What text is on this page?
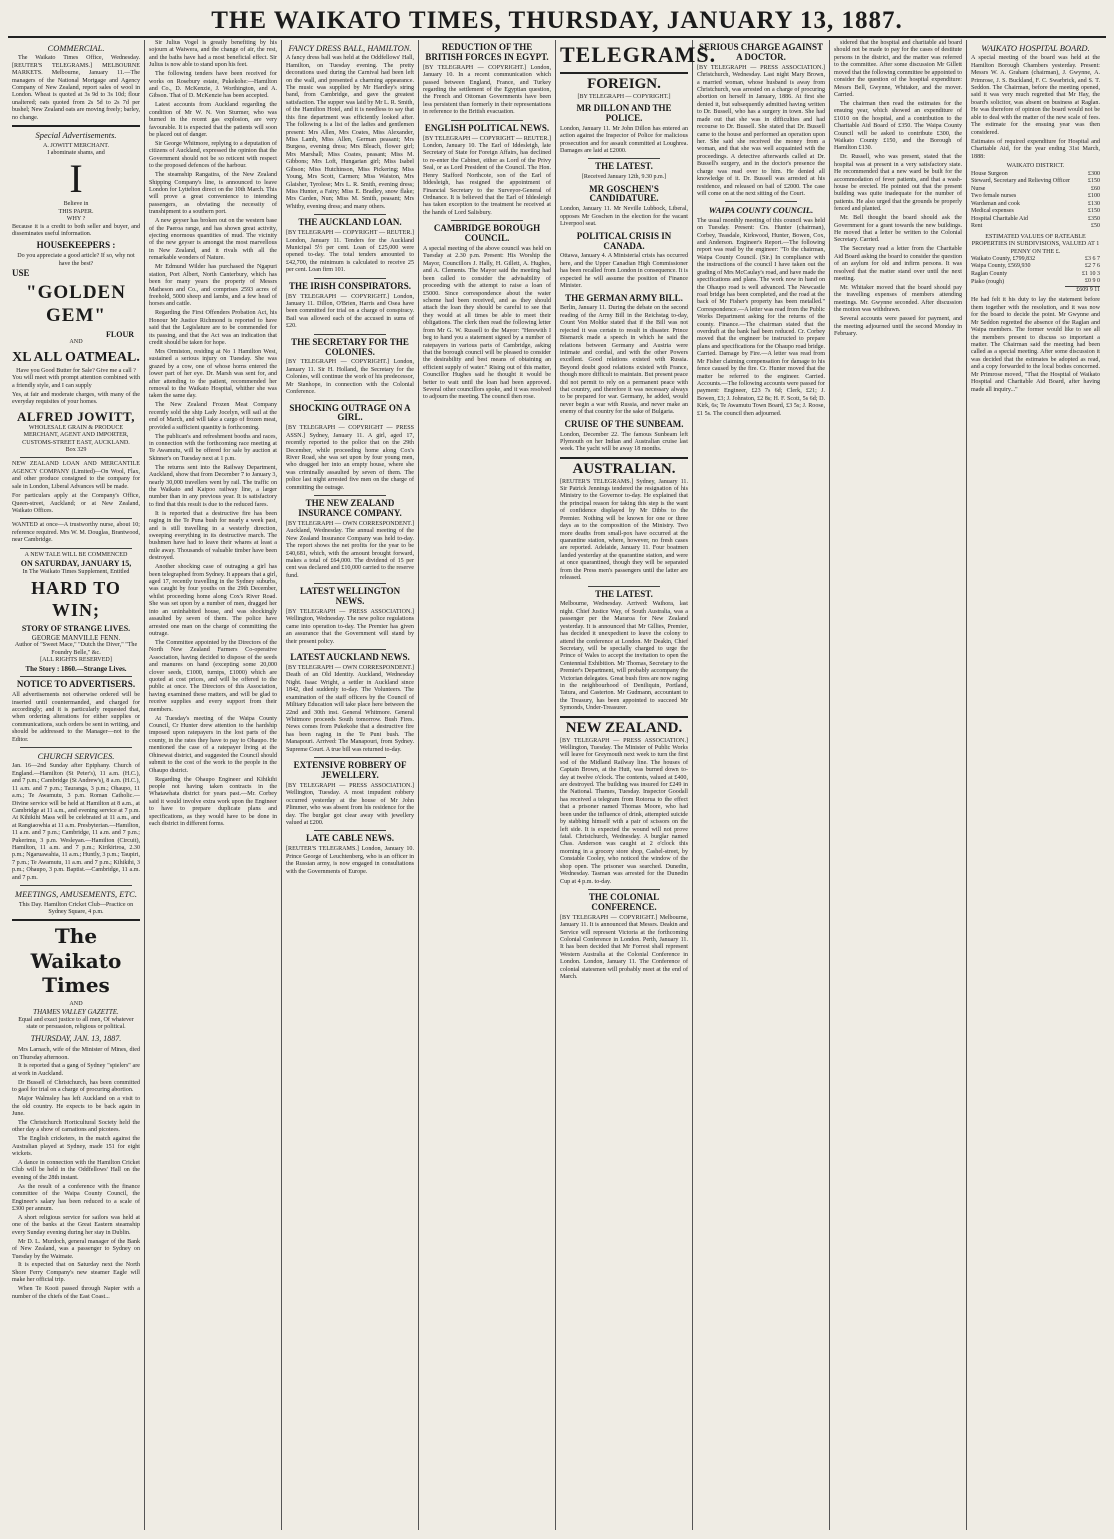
THE WAIKATO TIMES, THURSDAY, JANUARY 13, 1887.
COMMERCIAL.
The Waikato Times Office, Wednesday. [REUTER'S TELEGRAMS.] MELBOURNE MARKETS. Melbourne, January 11.—The managers of the National Mortgage and Agency Company of New Zealand, report sales of wool in London. Wheat is quoted at 3s 9d to 3s 10d; flour unaltered; oats quoted from 2s 5d to 2s 7d per bushel; New Zealand oats are moving freely; barley, no change.
Special Advertisements.
A. JOWITT MERCHANT.
I abominate shams, and
I
Believe in
THIS PAPER.
WHY ?
Because it is a credit to both seller and buyer, and disseminates useful information.
HOUSEKEEPERS :
Do you appreciate a good article? If so, why not have the best?
USE
"GOLDEN GEM"
FLOUR
AND
XL ALL OATMEAL.
Have you Good Butter for Sale? Give me a call ?
You will meet with prompt attention combined with a friendly style, and I can supply
Yes, at fair and moderate charges, with many of the everyday requisites of your homes.
ALFRED JOWITT,
WHOLESALE GRAIN & PRODUCE MERCHANT, AGENT AND IMPORTER, CUSTOMS-STREET EAST, AUCKLAND.
Box 329
NEW ZEALAND LOAN AND MERCANTILE AGENCY COMPANY (Limited)—On Wool, Flax, and other produce consigned to the company for sale in London, Liberal Advances will be made.
For particulars apply at the Company's Office, Queen-street, Auckland; or at New Zealand, Waikato Offices.
WANTED at once—A trustworthy nurse, about 10; reference required. Mrs W. M. Douglas, Brantwood, near Cambridge.
A NEW TALE WILL BE COMMENCED
ON SATURDAY, JANUARY 15,
In The Waikato Times Supplement, Entitled
HARD TO WIN;
STORY OF STRANGE LIVES.
GEORGE MANVILLE FENN.
Author of "Sweet Mace," "Dutch the Diver," "The Foundry Belle," &c.
[ALL RIGHTS RESERVED]
The Story : 1860.—Strange Lives.
NOTICE TO ADVERTISERS.
All advertisements not otherwise ordered will be inserted until countermanded, and charged for accordingly; and it is particularly requested that, when ordering alterations for either supplies or communications, such orders be sent in writing, and should be addressed to the Manager—not to the Editor.
CHURCH SERVICES.
Jan. 16—2nd Sunday after Epiphany. Church of England.—Hamilton (St Peter's), 11 a.m. (H.C.), and 7 p.m.; Cambridge (St Andrew's), 8 a.m. (H.C.), 11 a.m. and 7 p.m.; Tauranga, 3 p.m.; Ohaupo, 11 a.m.; Te Awamutu, 3 p.m. Roman Catholic.—Divine service will be held at Hamilton at 8 a.m., at Cambridge at 11 a.m., and evening service at 7 p.m. At Kihikihi Mass will be celebrated at 11 a.m., and at Rangiaowhia at 11 a.m. Presbyterian.—Hamilton, 11 a.m. and 7 p.m.; Cambridge, 11 a.m. and 7 p.m.; Pukerimu, 3 p.m. Wesleyan.—Hamilton (Circuit), Hamilton, 11 a.m. and 7 p.m.; Kirikiriroa, 2.30 p.m.; Ngaruawahia, 11 a.m.; Huntly, 3 p.m.; Taupiri, 7 p.m.; Te Awamutu, 11 a.m. and 7 p.m.; Kihikihi, 3 p.m.; Ohaupo, 3 p.m. Baptist.—Cambridge, 11 a.m. and 7 p.m.
MEETINGS, AMUSEMENTS, ETC.
This Day. Hamilton Cricket Club—Practice on Sydney Square, 4 p.m.
The Waikato Times
AND
THAMES VALLEY GAZETTE.
Equal and exact justice to all men, Of whatever state or persuasion, religious or political.
THURSDAY, JAN. 13, 1887.
Mrs Larnach, wife of the Minister of Mines, died on Thursday afternoon.
It is reported that a gang of Sydney "spielers" are at work in Auckland.
Dr Bussell of Christchurch, has been committed to gaol for trial on a charge of procuring abortion.
Major Walmsley has left Auckland on a visit to the old country. He expects to be back again in June.
The Christchurch Horticultural Society held the other day a show of carnations and picotees.
The English cricketers, in the match against the Australian played at Sydney, made 151 for eight wickets.
A dance in connection with the Hamilton Cricket Club will be held in the Oddfellows' Hall on the evening of the 28th instant.
As the result of a conference with the finance committee of the Waipa County Council, the Engineer's salary has been reduced to a scale of £300 per annum.
A short religious service for sailors was held at one of the banks at the Great Eastern steamship every Sunday evening during her stay in Dublin.
Mr D. L. Murdoch, general manager of the Bank of New Zealand, was a passenger to Sydney on Tuesday by the Waimate.
It is expected that on Saturday next the North Shore Ferry Company's new steamer Eagle will make her official trip.
When Te Kooti passed through Napier with a number of the chiefs of the East Coast...
Sir Julius Vogel is greatly benefiting by his sojourn at Waiwera, and the change of air, the rest, and the baths have had a most beneficial effect. Sir Julius is now able to stand upon his feet.
The following tenders have been received for works on Rosebury estate, Pukekohe:—Hamilton and Co., D. McKenzie, J. Worthington, and A. Gibson. That of D. McKenzie has been accepted.
Latest accounts from Auckland regarding the condition of Mr W. N. Von Sturmer, who was burned in the recent gas explosion, are very favourable. It is expected that the patients will soon be placed out of danger.
Sir George Whitmore, replying to a deputation of citizens of Auckland, expressed the opinion that the Government should not be so reticent with respect to the proposed defences of the harbour.
The steamship Rangatira, of the New Zealand Shipping Company's line, is announced to leave London for Lyttelton direct on the 10th March. This will prove a great convenience to intending passengers, as obviating the necessity of transhipment to a southern port.
A new geyser has broken out on the western base of the Paeroa range, and has shown great activity, ejecting enormous quantities of mud. The vicinity of the new geyser is amongst the most marvellous in New Zealand, and it rivals with all the remarkable wonders of Nature.
Mr Edmund Wilder has purchased the Ngapuri station, Port Albert, North Canterbury, which has been for many years the property of Messrs Matheson and Co., and comprises 2593 acres of freehold, 5000 sheep and lambs, and a few head of horses and cattle.
Regarding the First Offenders Probation Act, his Honour Mr Justice Richmond is reported to have said that the Legislature are to be commended for its passing, and that the Act was an indication that credit should be taken for hope.
Mrs Ormiston, residing at No 1 Hamilton West, sustained a serious injury on Tuesday. She was grazed by a cow, one of whose horns entered the lower part of her eye. Dr. Marsh was sent for, and after attending to the patient, recommended her removal to the Waikato Hospital, whither she was taken the same day.
The New Zealand Frozen Meat Company recently sold the ship Lady Jocelyn, will sail at the end of March, and will take a cargo of frozen meat, provided a sufficient quantity is forthcoming.
The publican's and refreshment booths and races, in connection with the forthcoming race meeting at Te Awamutu, will be offered for sale by auction at Skinner's on Tuesday next at 1 p.m.
The returns sent into the Railway Department, Auckland, show that from December 7 to January 3, nearly 30,000 travellers went by rail. The traffic on the Waikato and Kaipoo railway line, a larger number than in any previous year. It is satisfactory to find that this result is due to the reduced fares.
It is reported that a destructive fire has been raging in the Te Puna bush for nearly a week past, and is still travelling in a westerly direction, sweeping everything in its destructive march. The bushmen have had to leave their whares at least a mile away. Thousands of valuable timber have been destroyed.
Another shocking case of outraging a girl has been telegraphed from Sydney. It appears that a girl, aged 17, recently travelling in the Sydney suburbs, was caught by four youths on the 29th December, whilst proceeding home along Cox's River Road. She was set upon by a number of men, dragged her into an uninhabited house, and was shockingly assaulted by seven of them. The police have arrested one man on the charge of committing the outrage.
The Committee appointed by the Directors of the North New Zealand Farmers Co-operative Association, having decided to dispose of the seeds and manures on hand (excepting some 20,000 clover seeds, £1000, turnips, £1000) which are quoted at cost prices, and will be offered to the public at once. The Directors of this Association, having examined these matters, and will be glad to receive supplies and every support from their members.
At Tuesday's meeting of the Waipa County Council, Cr Hunter drew attention to the hardship imposed upon ratepayers in the lost parts of the county, in the rates they have to pay to Ohaupo. He mentioned the case of a ratepayer living at the Ohinewai district, and suggested the Council should submit to the cost of the work to the people in the Ohaupo district.
Regarding the Ohaupo Engineer and Kihikihi people not having taken contracts in the Whatawhata district for years past.—Mr. Corbey said it would involve extra work upon the Engineer to have to prepare duplicate plans and specifications, as they would have to be done in each district in different forms.
FANCY DRESS BALL, HAMILTON.
A fancy dress ball was held at the Oddfellows' Hall, Hamilton, on Tuesday evening. The pretty decorations used during the Carnival had been left on the wall, and presented a charming appearance. The music was supplied by Mr Hardley's string band, from Cambridge, and gave the greatest satisfaction. The supper was laid by Mr L. R. Smith, of the Hamilton Hotel, and it is needless to say that this fine department was efficiently looked after. The following is a list of the ladies and gentlemen present: Mrs Allen, Mrs Coates, Miss Alexander, Miss Lamb, Miss Allen, German peasant; Mrs Burgess, evening dress; Mrs Bleach, flower girl; Mrs Marshall; Miss Coates, peasant; Miss M. Gibbons; Mrs Loft, Hungarian girl; Miss Isabel Gibson; Miss Hutchinson, Miss Pickering; Miss Young, Mrs Scott, Carmen; Miss Waiston, Mrs Glaisher, Tyrolese; Mrs L. R. Smith, evening dress; Miss Hunter, a Fairy; Miss E. Bradley, snow flake; Mrs Carden, Nun; Miss M. Smith, peasant; Mrs Whitby, evening dress; and many others.
THE AUCKLAND LOAN.
[BY TELEGRAPH — COPYRIGHT — REUTER.] London, January 11. Tenders for the Auckland Municipal 5½ per cent. Loan of £25,000 were opened to-day. The total tenders amounted to £42,700, the minimum is calculated to receive 25 per cent. Loan firm 101.
THE IRISH CONSPIRATORS.
[BY TELEGRAPH — COPYRIGHT.] London, January 11. Dillon, O'Brien, Harris and Osea have been committed for trial on a charge of conspiracy. Bail was allowed each of the accused in sums of £20.
THE SECRETARY FOR THE COLONIES.
[BY TELEGRAPH — COPYRIGHT.] London, January 11. Sir H. Holland, the Secretary for the Colonies, will continue the work of his predecessor, Mr Stanhope, in connection with the Colonial Conference.
SHOCKING OUTRAGE ON A GIRL.
[BY TELEGRAPH — COPYRIGHT — PRESS ASSN.] Sydney, January 11. A girl, aged 17, recently reported to the police that on the 29th December, while proceeding home along Cox's River Road, she was set upon by four young men, who dragged her into an empty house, where she was criminally assaulted by seven of them. The police last night arrested five men on the charge of committing the outrage.
THE NEW ZEALAND INSURANCE COMPANY.
[BY TELEGRAPH — OWN CORRESPONDENT.] Auckland, Wednesday. The annual meeting of the New Zealand Insurance Company was held to-day. The report shows the net profits for the year to be £40,681, which, with the amount brought forward, makes a total of £64,000. The dividend of 15 per cent was declared and £10,000 carried to the reserve fund.
LATEST WELLINGTON NEWS.
[BY TELEGRAPH — PRESS ASSOCIATION.] Wellington, Wednesday. The new police regulations came into operation to-day. The Premier has given an assurance that the Government will stand by their present policy.
LATEST AUCKLAND NEWS.
[BY TELEGRAPH — OWN CORRESPONDENT.] Death of an Old Identity. Auckland, Wednesday Night. Isaac Wright, a settler in Auckland since 1842, died suddenly to-day. The Volunteers. The examination of the staff officers by the Council of Military Education will take place here between the 22nd and 30th inst. General Whitmore. General Whitmore proceeds South tomorrow. Bush Fires. News comes from Pukekohe that a destructive fire has been raging in the Te Puni bush. The Manapouri. Arrived: The Manapouri, from Sydney. Supreme Court. A true bill was returned to-day.
EXTENSIVE ROBBERY OF JEWELLERY.
[BY TELEGRAPH — PRESS ASSOCIATION.] Wellington, Tuesday. A most impudent robbery occurred yesterday at the house of Mr John Plimmer, who was absent from his residence for the day. The burglar got clear away with jewellery valued at £200.
LATE CABLE NEWS.
[REUTER'S TELEGRAMS.] London, January 10. Prince George of Leuchtenberg, who is an officer in the Russian army, is now engaged in consultations with the Governments of Europe.
REDUCTION OF THE BRITISH FORCES IN EGYPT.
[BY TELEGRAPH — COPYRIGHT.] London, January 10. In a recent communication which passed between England, France, and Turkey regarding the settlement of the Egyptian question, the French and Ottoman Governments have been less persistent than formerly in their representations in reference to the British evacuation.
ENGLISH POLITICAL NEWS.
[BY TELEGRAPH — COPYRIGHT — REUTER.] London, January 10. The Earl of Iddesleigh, late Secretary of State for Foreign Affairs, has declined to re-enter the Cabinet, either as Lord of the Privy Seal, or as Lord President of the Council. The Hon. Henry Stafford Northcote, son of the Earl of Iddesleigh, has resigned the appointment of Financial Secretary to the Surveyor-General of Ordnance. It is believed that the Earl of Iddesleigh has taken exception to the treatment he received at the hands of Lord Salisbury.
CAMBRIDGE BOROUGH COUNCIL.
A special meeting of the above council was held on Tuesday at 2.30 p.m. Present: His Worship the Mayor, Councillors J. Hally, H. Gillett, A. Hughes, and A. Clements. The Mayor said the meeting had been called to consider the advisability of proceeding with the attempt to raise a loan of £5000. Since correspondence about the water scheme had been received, and as they should attach the loan they should be careful to see that they would at all times be able to meet their obligations. The clerk then read the following letter from Mr G. W. Russell to the Mayor: "Herewith I beg to hand you a statement signed by a number of ratepayers in various parts of Cambridge, asking that the borough council will be pleased to consider the desirability and best means of obtaining an efficient supply of water." Rising out of this matter, Councillor Hughes said he thought it would be better to wait until the loan had been approved. Several other councillors spoke, and it was resolved to adjourn the meeting. The council then rose.
TELEGRAMS.
FOREIGN.
[BY TELEGRAPH — COPYRIGHT.]
MR DILLON AND THE POLICE.
London, January 11. Mr John Dillon has entered an action against the Inspector of Police for malicious prosecution and for assault committed at Loughrea. Damages are laid at £2000.
THE LATEST.
[Received January 12th, 9.30 p.m.]
MR GOSCHEN'S CANDIDATURE.
London, January 11. Mr Neville Lubbock, Liberal, opposes Mr Goschen in the election for the vacant Liverpool seat.
POLITICAL CRISIS IN CANADA.
Ottawa, January 4. A Ministerial crisis has occurred here, and the Upper Canadian High Commissioner has been recalled from London in consequence. It is expected he will assume the position of Finance Minister.
THE GERMAN ARMY BILL.
Berlin, January 11. During the debate on the second reading of the Army Bill in the Reichstag to-day, Count Von Moltke stated that if the Bill was not rejected it was certain to result in disaster. Prince Bismarck made a speech in which he said the relations between Germany and Austria were intimate and cordial, and with the other Powers excellent. Good relations existed with Russia. Beyond doubt good relations existed with France, though more difficult to maintain. But present peace did not permit to rely on a permanent peace with that country, and therefore it was necessary always to be prepared for war. Germany, he added, would never begin a war with Russia, and never make an enemy of that country for the sake of Bulgaria.
CRUISE OF THE SUNBEAM.
London, December 22. The famous Sunbeam left Plymouth on her Indian and Australian cruise last week. The yacht will be away 18 months.
AUSTRALIAN.
[REUTER'S TELEGRAMS.] Sydney, January 11. Sir Patrick Jennings tendered the resignation of his Ministry to the Governor to-day. He explained that the principal reason for taking this step is the want of confidence displayed by Mr Dibbs to the Premier. Nothing will be known for one or three days as to the composition of the Ministry. Two more deaths from small-pox have occurred at the quarantine station, where, however, no fresh cases are reported. Adelaide, January 11. Four boatmen landed yesterday at the quarantine station, and were at once quarantined, though they will be separated from the Press men's passengers until the latter are released.
THE LATEST.
Melbourne, Wednesday. Arrived: Waihora, last night. Chief Justice Way, of South Australia, was a passenger per the Mararoa for New Zealand yesterday. It is announced that Mr Gillies, Premier, has decided it unexpedient to leave the colony to attend the conference at London. Mr Deakin, Chief Secretary, will be specially charged to urge the Prince of Wales to accept the invitation to open the Centennial Exhibition. Mr Thomas, Secretary to the Premier's Department, will probably accompany the Victorian delegates. Great bush fires are now raging in the neighbourhood of Deniliquin, Portland, Tatura, and Casterton. Mr Gudmann, accountant to the Treasury, has been appointed to succeed Mr Symonds, Under-Treasurer.
NEW ZEALAND.
[BY TELEGRAPH — PRESS ASSOCIATION.] Wellington, Tuesday. The Minister of Public Works will leave for Greymouth next week to turn the first sod of the Midland Railway line. The houses of Captain Brown, at the Hutt, was burned down to-day at twelve o'clock. The contents, valued at £400, are destroyed. The building was insured for £249 in the National. Thames, Tuesday. Inspector Goodall has received a telegram from Rotorua to the effect that a prisoner named Thomas Moore, who had been under the influence of drink, attempted suicide by stabbing himself with a pair of scissors on the left side. It is expected the wound will not prove fatal. Christchurch, Wednesday. A burglar named Chas. Anderson was caught at 2 o'clock this morning in a grocery store shop, Cashel-street, by Constable Cooley, who noticed the window of the shop open. The prisoner was searched. Dunedin, Wednesday. Tasman was arrested for the Dunedin Cup at 4 p.m. to-day.
THE COLONIAL CONFERENCE.
[BY TELEGRAPH — COPYRIGHT.] Melbourne, January 11. It is announced that Messrs. Deakin and Service will represent Victoria at the forthcoming Colonial Conference in London. Perth, January 11. It has been decided that Mr Forrest shall represent Western Australia at the Colonial Conference in London. London, January 11. The Conference of colonial statesmen will probably meet at the end of March.
SERIOUS CHARGE AGAINST A DOCTOR.
[BY TELEGRAPH — PRESS ASSOCIATION.] Christchurch, Wednesday. Last night Mary Brown, a married woman, whose husband is away from Christchurch, was arrested on a charge of procuring abortion on herself in January, 1886. At first she denied it, but subsequently admitted having written to Dr. Bussell, who has a surgery in town. She had made out that she was in difficulties and had recourse to Dr. Bussell. She stated that Dr. Bussell came to the house and performed an operation upon her. She said she received the money from a woman, and that she was well acquainted with the proceedings. A detective afterwards called at Dr. Bussell's surgery, and in the doctor's presence the charge was read over to him. He denied all knowledge of it. Dr. Bussell was arrested at his residence, and released on bail of £2000. The case will come on at the next sitting of the Court.
WAIPA COUNTY COUNCIL.
The usual monthly meeting of this council was held on Tuesday. Present: Crs. Hunter (chairman), Corbey, Teasdale, Kirkwood, Hunter, Bowen, Cox, and Anderson. Engineer's Report.—The following report was read by the engineer: "To the chairman, Waipa County Council. (Sir.) In compliance with the instructions of the council I have taken out the grading of Mrs McCaulay's road, and have made the specifications and plans. The work now in hand on the Ohaupo road is well advanced. The Newcastle road bridge has been completed, and the road at the back of Mr Fisher's property has been metalled." Correspondence.—A letter was read from the Public Works Department asking for the returns of the county. Finance.—The chairman stated that the overdraft at the bank had been reduced. Cr. Corbey moved that the engineer be instructed to prepare plans and specifications for the Ohaupo road bridge. Carried. Damage by Fire.—A letter was read from Mr Fisher claiming compensation for damage to his fence caused by the fire. Cr. Hunter moved that the matter be referred to the engineer. Carried. Accounts.—The following accounts were passed for payment: Engineer, £23 7s 6d; Clerk, £21; J. Bowen, £3; J. Johnston, £2 8s; H. F. Scott, 5s 6d; D. Kirk, 6s; Te Awamutu Town Board, £3 5s; J. Roose, £1 5s. The council then adjourned.
sidered that the hospital and charitable aid board should not be made to pay for the cases of destitute persons in the district, and the matter was referred to the committee. After some discussion Mr Gillett moved that the following committee be appointed to consider the question of the hospital expenditure: Messrs Bell, Gwynne, Whitaker, and the mover. Carried.
The chairman then read the estimates for the ensuing year, which showed an expenditure of £1010 on the hospital, and a contribution to the Charitable Aid Board of £350. The Waipa County Council will be asked to contribute £300, the Waikato County £150, and the Borough of Hamilton £130.
Dr. Russell, who was present, stated that the hospital was at present in a very satisfactory state. He recommended that a new ward be built for the accommodation of fever patients, and that a wash-house be erected. He pointed out that the present building was quite inadequate for the number of patients. He also urged that the grounds be properly fenced and planted.
Mr. Bell thought the board should ask the Government for a grant towards the new buildings. He moved that a letter be written to the Colonial Secretary. Carried.
The Secretary read a letter from the Charitable Aid Board asking the board to consider the question of an asylum for old and infirm persons. It was resolved that the matter stand over until the next meeting.
Mr. Whitaker moved that the board should pay the travelling expenses of members attending meetings. Mr. Gwynne seconded. After discussion the motion was withdrawn.
Several accounts were passed for payment, and the meeting adjourned until the second Monday in February.
WAIKATO HOSPITAL BOARD.
A special meeting of the board was held at the Hamilton Borough Chambers yesterday. Present: Messrs W. A. Graham (chairman), J. Gwynne, A. Primrose, J. S. Buckland, F. C. Swarbrick, and S. T. Seddon. The Chairman, before the meeting opened, said it was very much regretted that Mr Hay, the board's solicitor, was absent on business at Raglan. He was therefore of opinion the board would not be able to deal with the matter of the new scale of fees. The estimate for the ensuing year was then considered.
Estimates of required expenditure for Hospital and Charitable Aid, for the year ending 31st March, 1888:
WAIKATO DISTRICT.
House Surgeon	£300
Steward, Secretary and Relieving Officer	£150
Nurse	£60
Two female nurses	£100
Wardsman and cook	£130
Medical expenses	£150
Hospital Charitable Aid	£350
Rent	£50
ESTIMATED VALUES OF RATEABLE PROPERTIES IN SUBDIVISIONS, VALUED AT 1 PENNY ON THE £.
Waikato County, £799,832	£3 6 7
Waipa County, £569,930	£2 7 6
Raglan County	£1 10 3
Piako (rough)	£0 9 0
	£609 9 11
He had felt it his duty to lay the statement before them together with the resolution, and it was now for the board to decide the point. Mr Gwynne and Mr Seddon regretted the absence of the Raglan and Waipa members. The former would like to see all the members present to discuss so important a matter. The Chairman said the meeting had been called as a special meeting. After some discussion it was decided that the estimates be adopted as read, and a copy forwarded to the local bodies concerned. Mr Primrose moved, "That the Hospital of Waikato Hospital and Charitable Aid Board, after having made all inquiry..."
